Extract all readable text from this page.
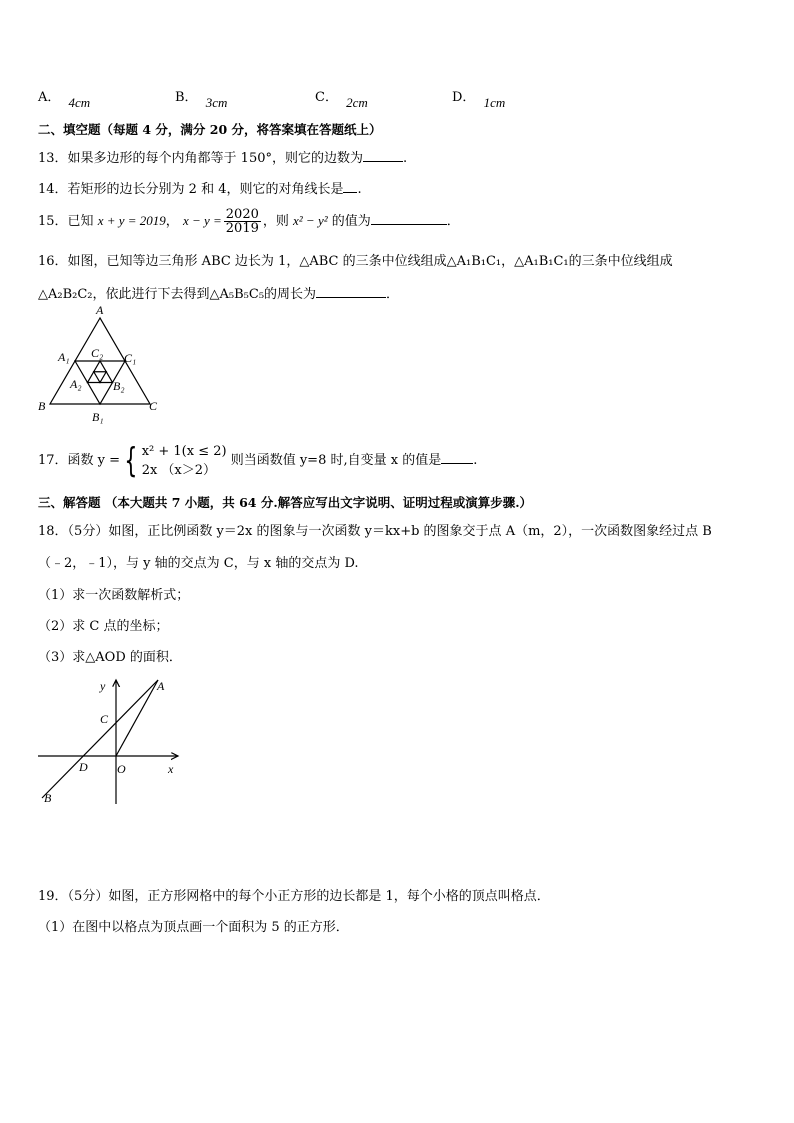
A． 4cm	B． 3cm	C． 2cm	D． 1cm
二、填空题（每题 4 分，满分 20 分，将答案填在答题纸上）
13．如果多边形的每个内角都等于 150°，则它的边数为	.
14．若矩形的边长分别为 2 和 4，则它的对角线长是 .
15．已知 x + y = 2019， $x - y = \frac{2020}{2019}$ ，则 x² − y² 的值为	．
16．如图，已知等边三角形 ABC 边长为 1，△ABC 的三条中位线组成△A₁B₁C₁，△A₁B₁C₁的三条中位线组成
△A₂B₂C₂，依此进行下去得到△A₅B₅C₅的周长为	．
A
B	C
A₁	C₁
B₁
C₂
A₂	B₂
17．函数 y = { x² + 1(x ≤ 2)
2x （x＞2）
则当函数值 y=8 时,自变量 x 的值是 .
三、解答题 （本大题共 7 小题，共 64 分.解答应写出文字说明、证明过程或演算步骤.）
18．（5分）如图，正比例函数 y＝2x 的图象与一次函数 y＝kx+b 的图象交于点 A（m，2），一次函数图象经过点 B
（﹣2，﹣1），与 y 轴的交点为 C，与 x 轴的交点为 D.
（1）求一次函数解析式；
（2）求 C 点的坐标；
（3）求△AOD 的面积．
y
x
A
C
D O
B
19．（5分）如图，正方形网格中的每个小正方形的边长都是 1，每个小格的顶点叫格点．
（1）在图中以格点为顶点画一个面积为 5 的正方形．
